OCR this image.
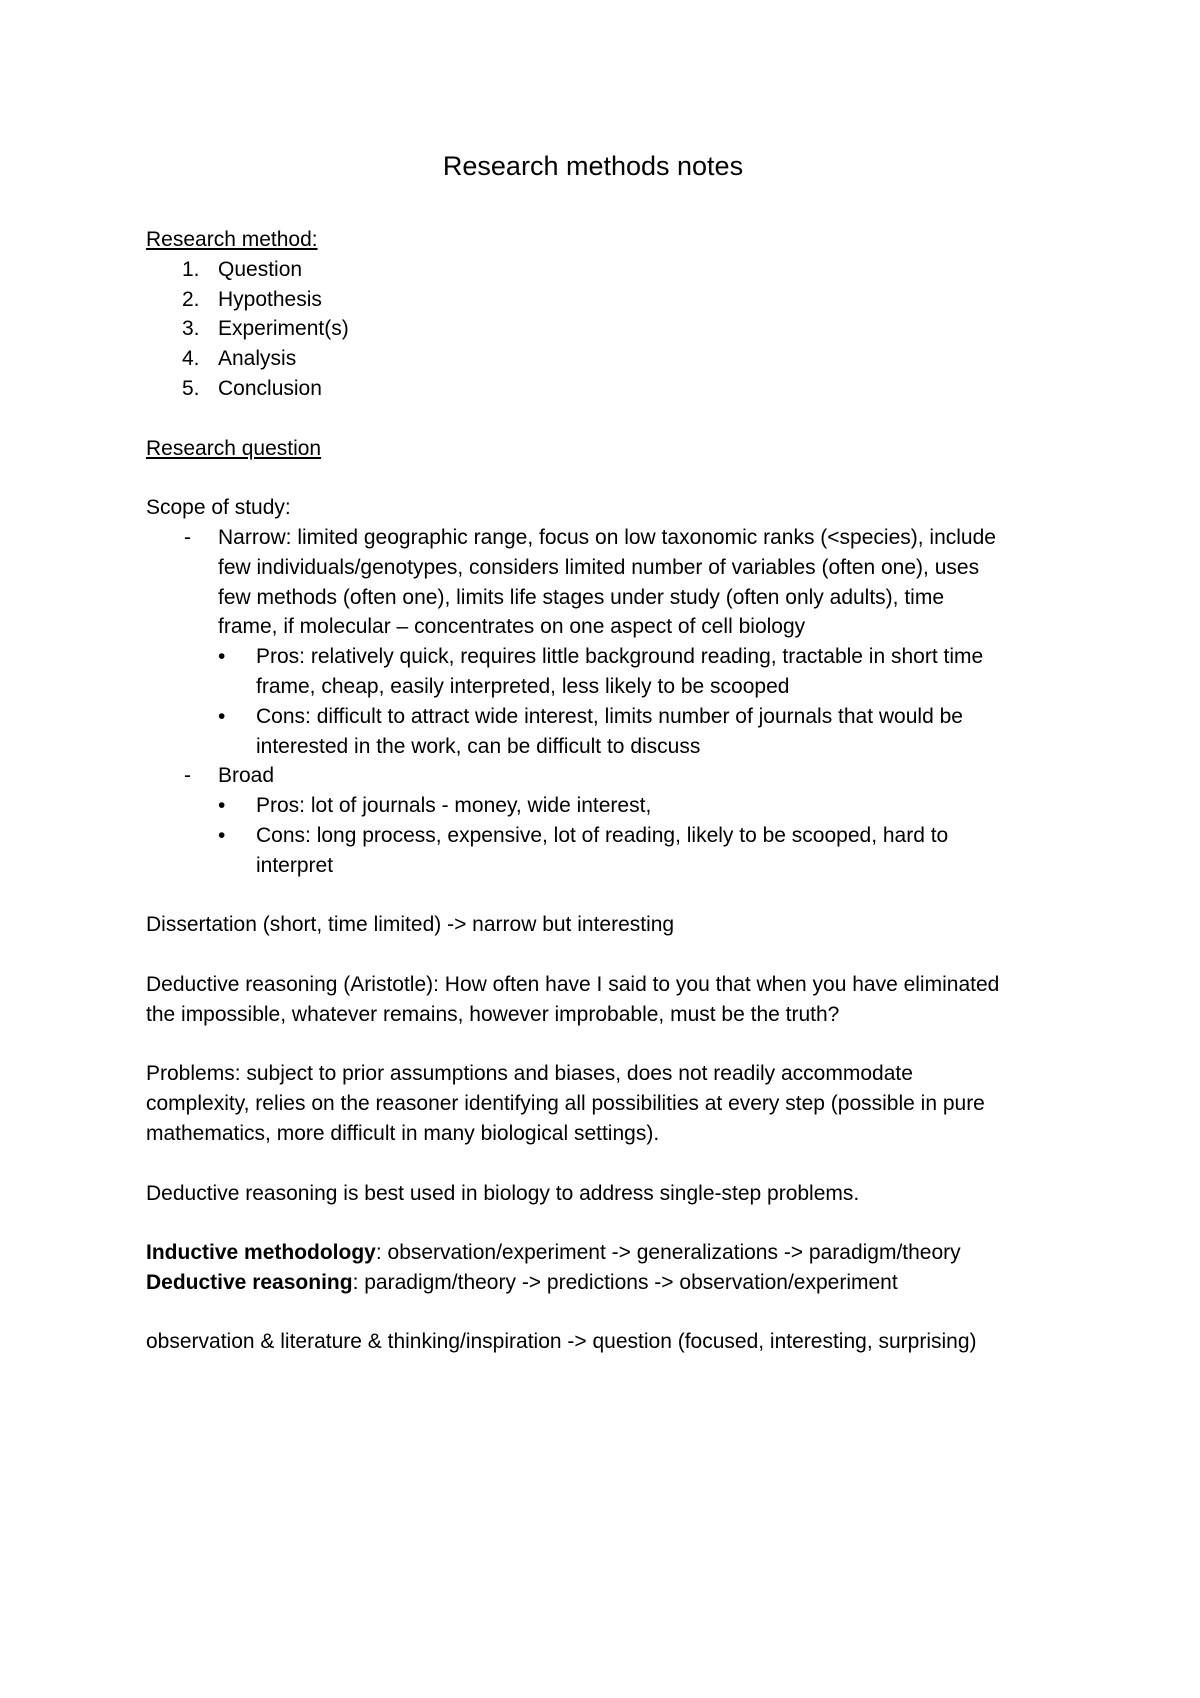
Research methods notes
Research method:
1. Question
2. Hypothesis
3. Experiment(s)
4. Analysis
5. Conclusion
Research question
Scope of study:
- Narrow: limited geographic range, focus on low taxonomic ranks (<species), include
few individuals/genotypes, considers limited number of variables (often one), uses
few methods (often one), limits life stages under study (often only adults), time
frame, if molecular – concentrates on one aspect of cell biology
• Pros: relatively quick, requires little background reading, tractable in short time
frame, cheap, easily interpreted, less likely to be scooped
• Cons: difficult to attract wide interest, limits number of journals that would be
interested in the work, can be difficult to discuss
- Broad
• Pros: lot of journals - money, wide interest,
• Cons: long process, expensive, lot of reading, likely to be scooped, hard to
interpret
Dissertation (short, time limited) -> narrow but interesting
Deductive reasoning (Aristotle): How often have I said to you that when you have eliminated
the impossible, whatever remains, however improbable, must be the truth?
Problems: subject to prior assumptions and biases, does not readily accommodate
complexity, relies on the reasoner identifying all possibilities at every step (possible in pure
mathematics, more difficult in many biological settings).
Deductive reasoning is best used in biology to address single-step problems.
Inductive methodology: observation/experiment -> generalizations -> paradigm/theory
Deductive reasoning: paradigm/theory -> predictions -> observation/experiment
observation & literature & thinking/inspiration -> question (focused, interesting, surprising)
